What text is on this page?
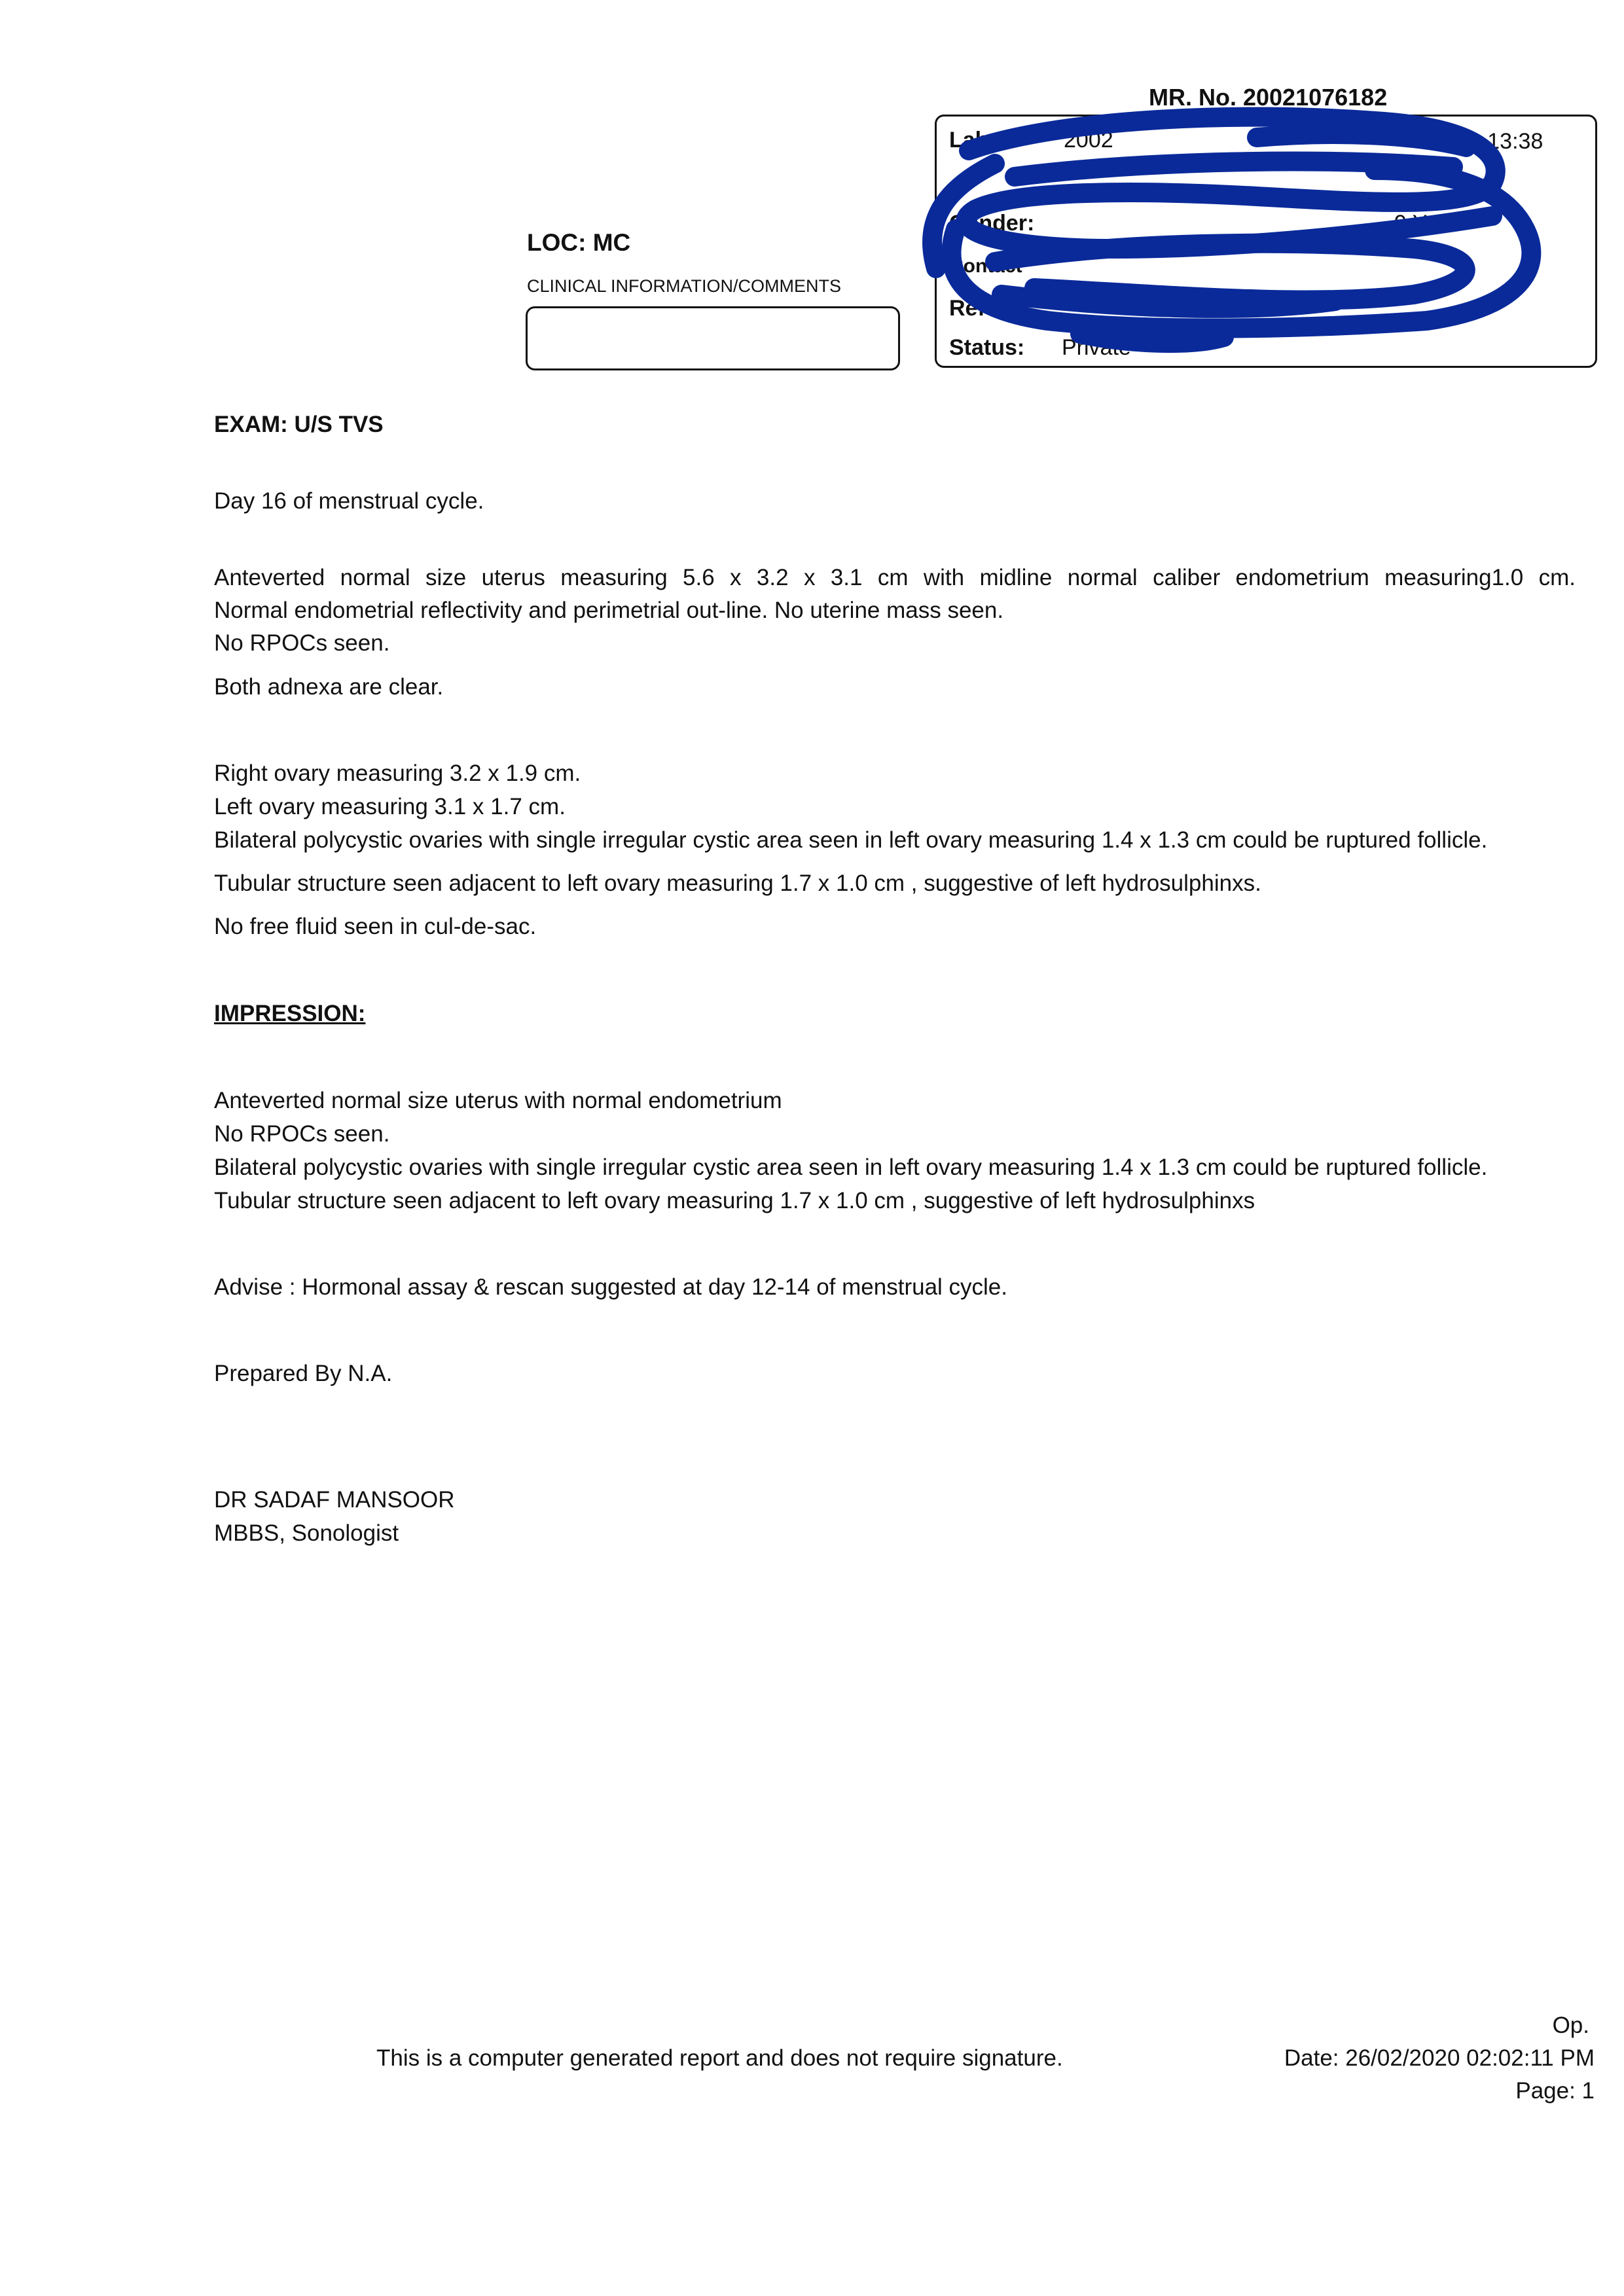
MR. No. 20021076182
Lab	2002	20 13:38
Gender:	9 Year
Contact
Ref
Status: Private
LOC: MC
CLINICAL INFORMATION/COMMENTS
EXAM: U/S TVS
Day 16 of menstrual cycle.
Anteverted normal size uterus measuring 5.6 x 3.2 x 3.1 cm with midline normal caliber endometrium measuring1.0 cm.
Normal endometrial reflectivity and perimetrial out-line. No uterine mass seen.
No RPOCs seen.
Both adnexa are clear.
Right ovary measuring 3.2 x 1.9 cm.
Left ovary measuring 3.1 x 1.7 cm.
Bilateral polycystic ovaries with single irregular cystic area seen in left ovary measuring 1.4 x 1.3 cm could be ruptured follicle.
Tubular structure seen adjacent to left ovary measuring 1.7 x 1.0 cm , suggestive of left hydrosulphinxs.
No free fluid seen in cul-de-sac.
IMPRESSION:
Anteverted normal size uterus with normal endometrium
No RPOCs seen.
Bilateral polycystic ovaries with single irregular cystic area seen in left ovary measuring 1.4 x 1.3 cm could be ruptured follicle.
Tubular structure seen adjacent to left ovary measuring 1.7 x 1.0 cm , suggestive of left hydrosulphinxs
Advise : Hormonal assay & rescan suggested at day 12-14 of menstrual cycle.
Prepared By N.A.
DR SADAF MANSOOR
MBBS, Sonologist
This is a computer generated report and does not require signature.
Op.
Date: 26/02/2020 02:02:11 PM
Page: 1
